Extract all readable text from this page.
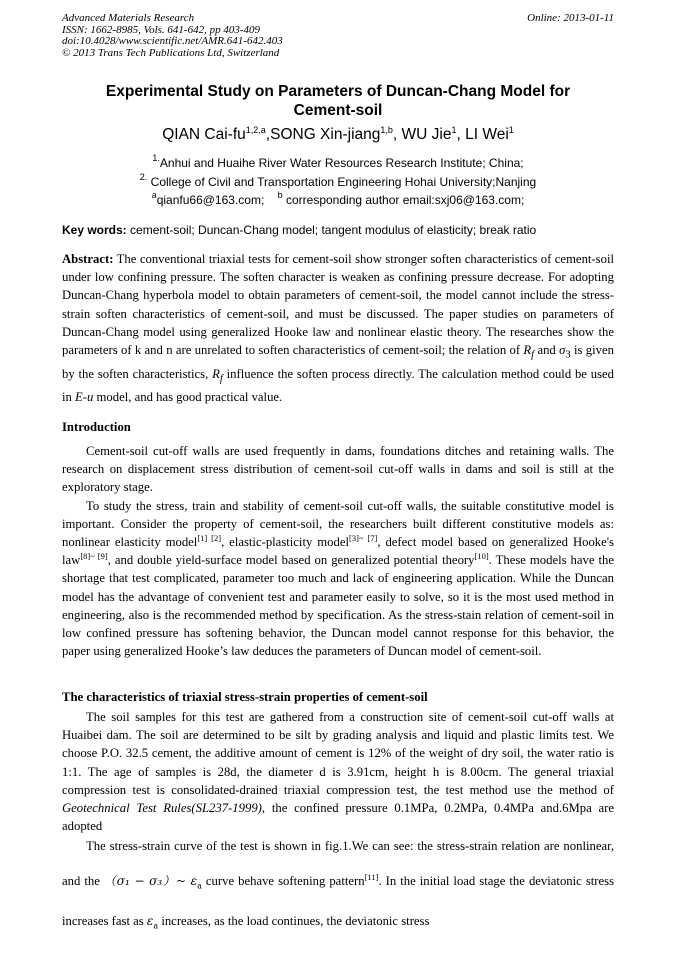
Advanced Materials Research
ISSN: 1662-8985, Vols. 641-642, pp 403-409
doi:10.4028/www.scientific.net/AMR.641-642.403
© 2013 Trans Tech Publications Ltd, Switzerland
Online: 2013-01-11
Experimental Study on Parameters of Duncan-Chang Model for
Cement-soil
QIAN Cai-fu$^{1,2,a}$,SONG Xin-jiang$^{1,b}$, WU Jie$^1$, LI Wei$^1$
$^{1.}$Anhui and Huaihe River Water Resources Research Institute; China;
$^{2.}$ College of Civil and Transportation Engineering Hohai University;Nanjing
$^a$qianfu66@163.com; $^b$ corresponding author email:sxj06@163.com;
Key words: cement-soil; Duncan-Chang model; tangent modulus of elasticity; break ratio
Abstract: The conventional triaxial tests for cement-soil show stronger soften characteristics of cement-soil under low confining pressure. The soften character is weaken as confining pressure decrease. For adopting Duncan-Chang hyperbola model to obtain parameters of cement-soil, the model cannot include the stress-strain soften characteristics of cement-soil, and must be discussed. The paper studies on parameters of Duncan-Chang model using generalized Hooke law and nonlinear elastic theory. The researches show the parameters of k and n are unrelated to soften characteristics of cement-soil; the relation of $R_f$ and $\sigma_3$ is given by the soften characteristics, $R_f$ influence the soften process directly. The calculation method could be used in E-u model, and has good practical value.
Introduction

Cement-soil cut-off walls are used frequently in dams, foundations ditches and retaining walls. The research on displacement stress distribution of cement-soil cut-off walls in dams and soil is still at the exploratory stage.

To study the stress, train and stability of cement-soil cut-off walls, the suitable constitutive model is important. Consider the property of cement-soil, the researchers built different constitutive models as: nonlinear elasticity model[1] [2], elastic-plasticity model[3]~ [7], defect model based on generalized Hooke's law[8]~ [9], and double yield-surface model based on generalized potential theory[10]. These models have the shortage that test complicated, parameter too much and lack of engineering application. While the Duncan model has the advantage of convenient test and parameter easily to solve, so it is the most used method in engineering, also is the recommended method by specification. As the stress-stain relation of cement-soil in low confined pressure has softening behavior, the Duncan model cannot response for this behavior, the paper using generalized Hooke’s law deduces the parameters of Duncan model of cement-soil.

The characteristics of triaxial stress-strain properties of cement-soil

The soil samples for this test are gathered from a construction site of cement-soil cut-off walls at Huaibei dam. The soil are determined to be silt by grading analysis and liquid and plastic limits test. We choose P.O. 32.5 cement, the additive amount of cement is 12% of the weight of dry soil, the water ratio is 1:1. The age of samples is 28d, the diameter d is 3.91cm, height h is 8.00cm. The general triaxial compression test is consolidated-drained triaxial compression test, the test method use the method of Geotechnical Test Rules(SL237-1999), the confined pressure 0.1MPa, 0.2MPa, 0.4MPa and.6Mpa are adopted

The stress-strain curve of the test is shown in fig.1.We can see: the stress-strain relation are nonlinear, and the （σ₁ − σ₃）~ $\varepsilon_a$ curve behave softening pattern[11]. In the initial load stage the deviatonic stress increases fast as $\varepsilon_a$ increases, as the load continues, the deviatonic stress
